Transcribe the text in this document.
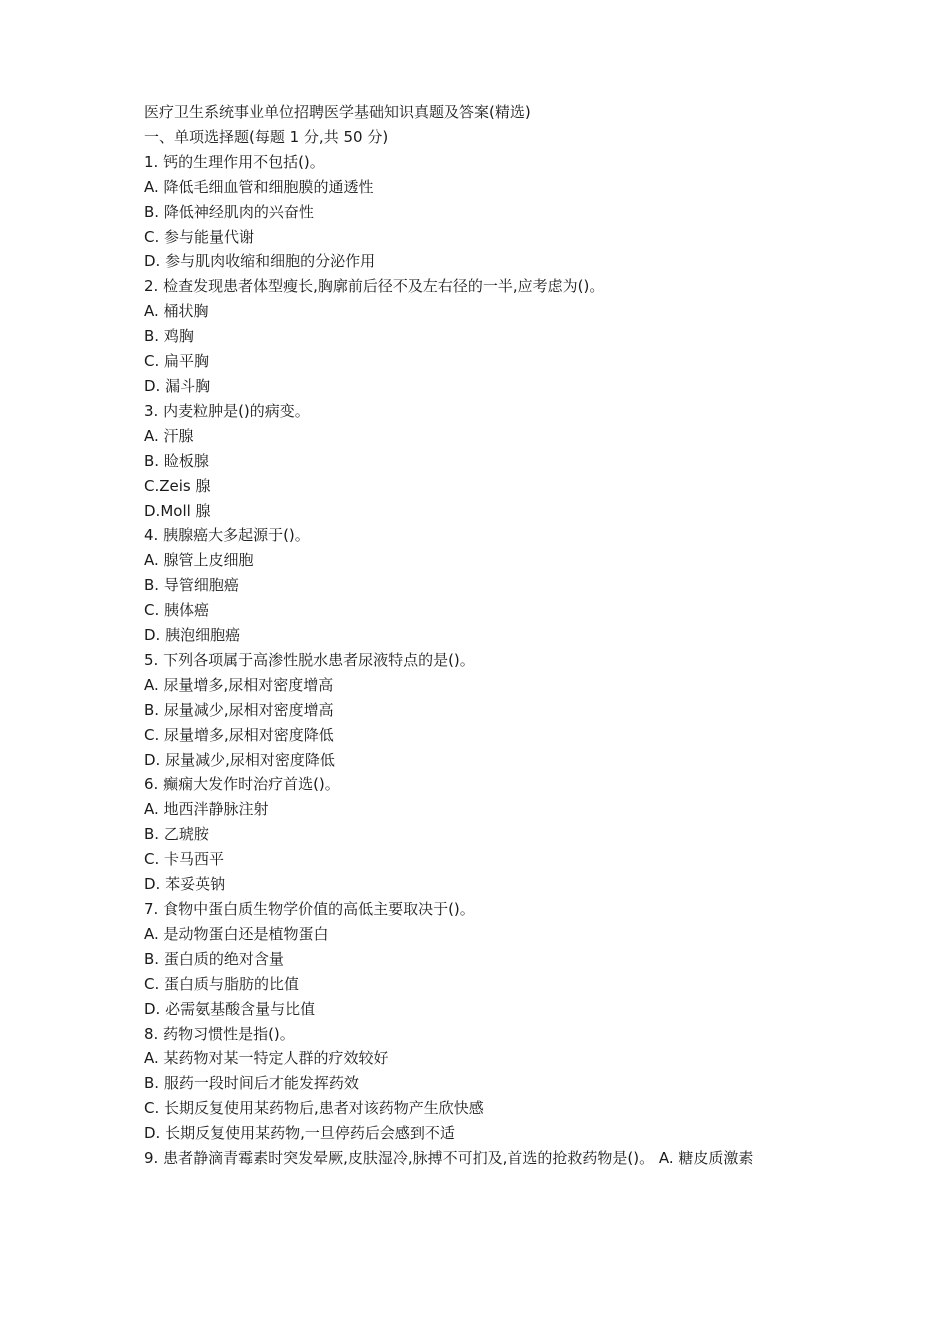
医疗卫生系统事业单位招聘医学基础知识真题及答案(精选)

一、单项选择题(每题 1 分,共 50 分)

1. 钙的生理作用不包括()。

A. 降低毛细血管和细胞膜的通透性

B. 降低神经肌肉的兴奋性

C. 参与能量代谢

D. 参与肌肉收缩和细胞的分泌作用

2. 检查发现患者体型瘦长,胸廓前后径不及左右径的一半,应考虑为()。

A. 桶状胸

B. 鸡胸

C. 扁平胸

D. 漏斗胸

3. 内麦粒肿是()的病变。

A. 汗腺

B. 睑板腺

C.Zeis 腺

D.Moll 腺

4. 胰腺癌大多起源于()。

A. 腺管上皮细胞

B. 导管细胞癌

C. 胰体癌

D. 胰泡细胞癌

5. 下列各项属于高渗性脱水患者尿液特点的是()。

A. 尿量增多,尿相对密度增高

B. 尿量减少,尿相对密度增高

C. 尿量增多,尿相对密度降低

D. 尿量减少,尿相对密度降低

6. 癫痫大发作时治疗首选()。

A. 地西泮静脉注射

B. 乙琥胺

C. 卡马西平

D. 苯妥英钠

7. 食物中蛋白质生物学价值的高低主要取决于()。

A. 是动物蛋白还是植物蛋白

B. 蛋白质的绝对含量

C. 蛋白质与脂肪的比值

D. 必需氨基酸含量与比值

8. 药物习惯性是指()。

A. 某药物对某一特定人群的疗效较好

B. 服药一段时间后才能发挥药效

C. 长期反复使用某药物后,患者对该药物产生欣快感

D. 长期反复使用某药物,一旦停药后会感到不适

9. 患者静滴青霉素时突发晕厥,皮肤湿冷,脉搏不可扪及,首选的抢救药物是()。 A. 糖皮质激素
